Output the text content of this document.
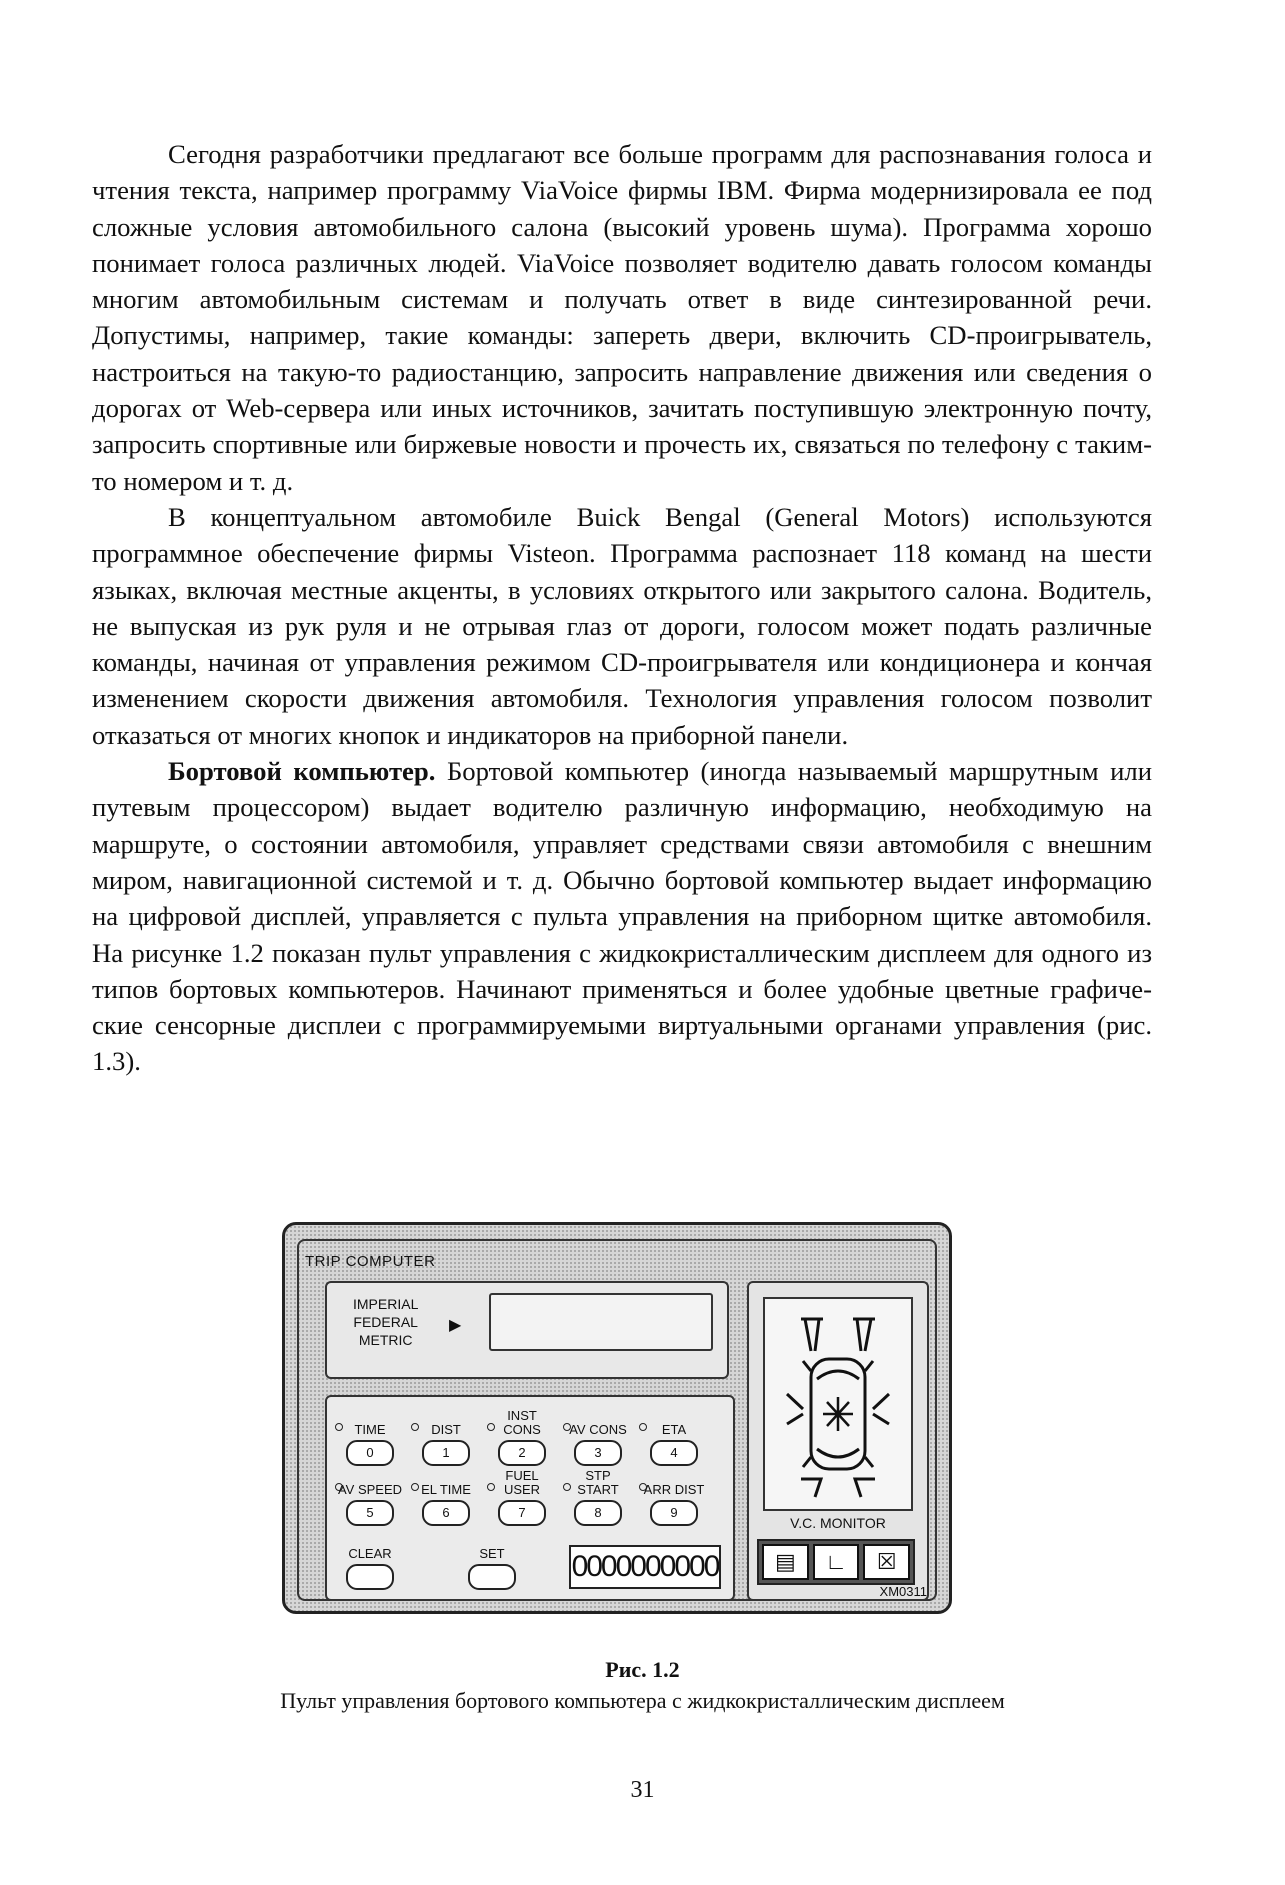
Сегодня разработчики предлагают все больше программ для распознавания голоса и чтения текста, например программу ViaVoice фирмы IBM. Фирма модернизировала ее под сложные условия автомобильного салона (высокий уровень шума). Программа хорошо понимает голоса различных людей. ViaVoice позволяет водителю давать голосом команды многим автомобильным системам и получать ответ в виде синтезированной речи. Допустимы, например, такие команды: запереть двери, включить CD-проигрыватель, настроиться на такую-то радиостанцию, запросить направление движения или сведения о дорогах от Web-сервера или иных источников, зачитать поступившую электронную почту, запросить спортивные или биржевые новости и прочесть их, связаться по телефону с таким-то номером и т. д.

В концептуальном автомобиле Buick Bengal (General Motors) используются программное обеспечение фирмы Visteon. Программа распознает 118 команд на шести языках, включая местные акценты, в условиях открытого или закрытого салона. Водитель, не выпуская из рук руля и не отрывая глаз от дороги, голосом может подать различные команды, начиная от управления режимом CD-проигрывателя или кондиционера и кончая изменением скорости движения автомобиля. Технология управления голосом позволит отказаться от многих кнопок и индикаторов на приборной панели.

Бортовой компьютер. Бортовой компьютер (иногда называемый маршрутным или путевым процессором) выдает водителю различную информацию, необходимую на маршруте, о состоянии автомобиля, управляет средствами связи автомобиля с внешним миром, навигационной системой и т. д. Обычно бортовой компьютер выдает информацию на цифровой дисплей, управляется с пульта управления на приборном щитке автомобиля. На рисунке 1.2 показан пульт управления с жидкокристаллическим дисплеем для одного из типов бортовых компьютеров. Начинают применяться и более удобные цветные графические сенсорные дисплеи с программируемыми виртуальными органами управления (рис. 1.3).

TRIP COMPUTER
IMPERIAL
FEDERAL
METRIC
▶
TIME
0
DIST
1
INST CONS
2
AV CONS
3
ETA
4
AV SPEED
5
EL TIME
6
FUEL USER
7
STP START
8
ARR DIST
9
CLEAR	SET	0000000000
V.C. MONITOR
▤	∟	☒
XM0311
Рис. 1.2
Пульт управления бортового компьютера с жидкокристаллическим дисплеем
31
